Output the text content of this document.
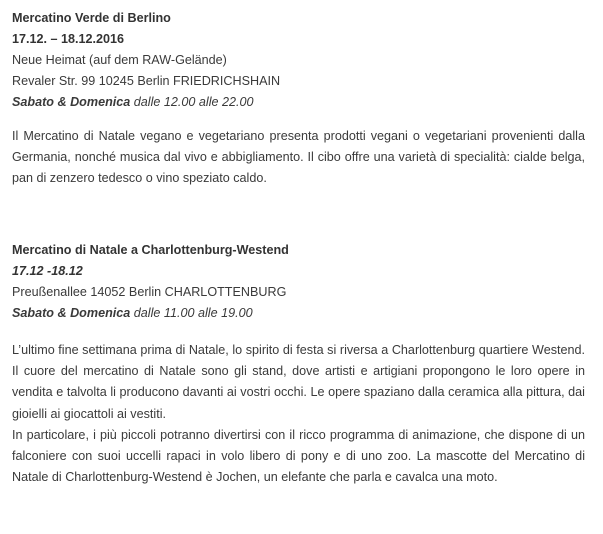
Mercatino Verde di Berlino
17.12. – 18.12.2016
Neue Heimat (auf dem RAW-Gelände)
Revaler Str. 99 10245 Berlin FRIEDRICHSHAIN
Sabato & Domenica dalle 12.00 alle 22.00
Il Mercatino di Natale vegano e vegetariano presenta prodotti vegani o vegetariani provenienti dalla Germania, nonché musica dal vivo e abbigliamento. Il cibo offre una varietà di specialità: cialde belga, pan di zenzero tedesco o vino speziato caldo.
Mercatino di Natale a Charlottenburg-Westend
17.12 -18.12
Preußenallee 14052 Berlin CHARLOTTENBURG
Sabato & Domenica dalle 11.00 alle 19.00
L’ultimo fine settimana prima di Natale, lo spirito di festa si riversa a Charlottenburg quartiere Westend. Il cuore del mercatino di Natale sono gli stand, dove artisti e artigiani propongono le loro opere in vendita e talvolta li producono davanti ai vostri occhi. Le opere spaziano dalla ceramica alla pittura, dai gioielli ai giocattoli ai vestiti.
In particolare, i più piccoli potranno divertirsi con il ricco programma di animazione, che dispone di un falconiere con suoi uccelli rapaci in volo libero di pony e di uno zoo. La mascotte del Mercatino di Natale di Charlottenburg-Westend è Jochen, un elefante che parla e cavalca una moto.
